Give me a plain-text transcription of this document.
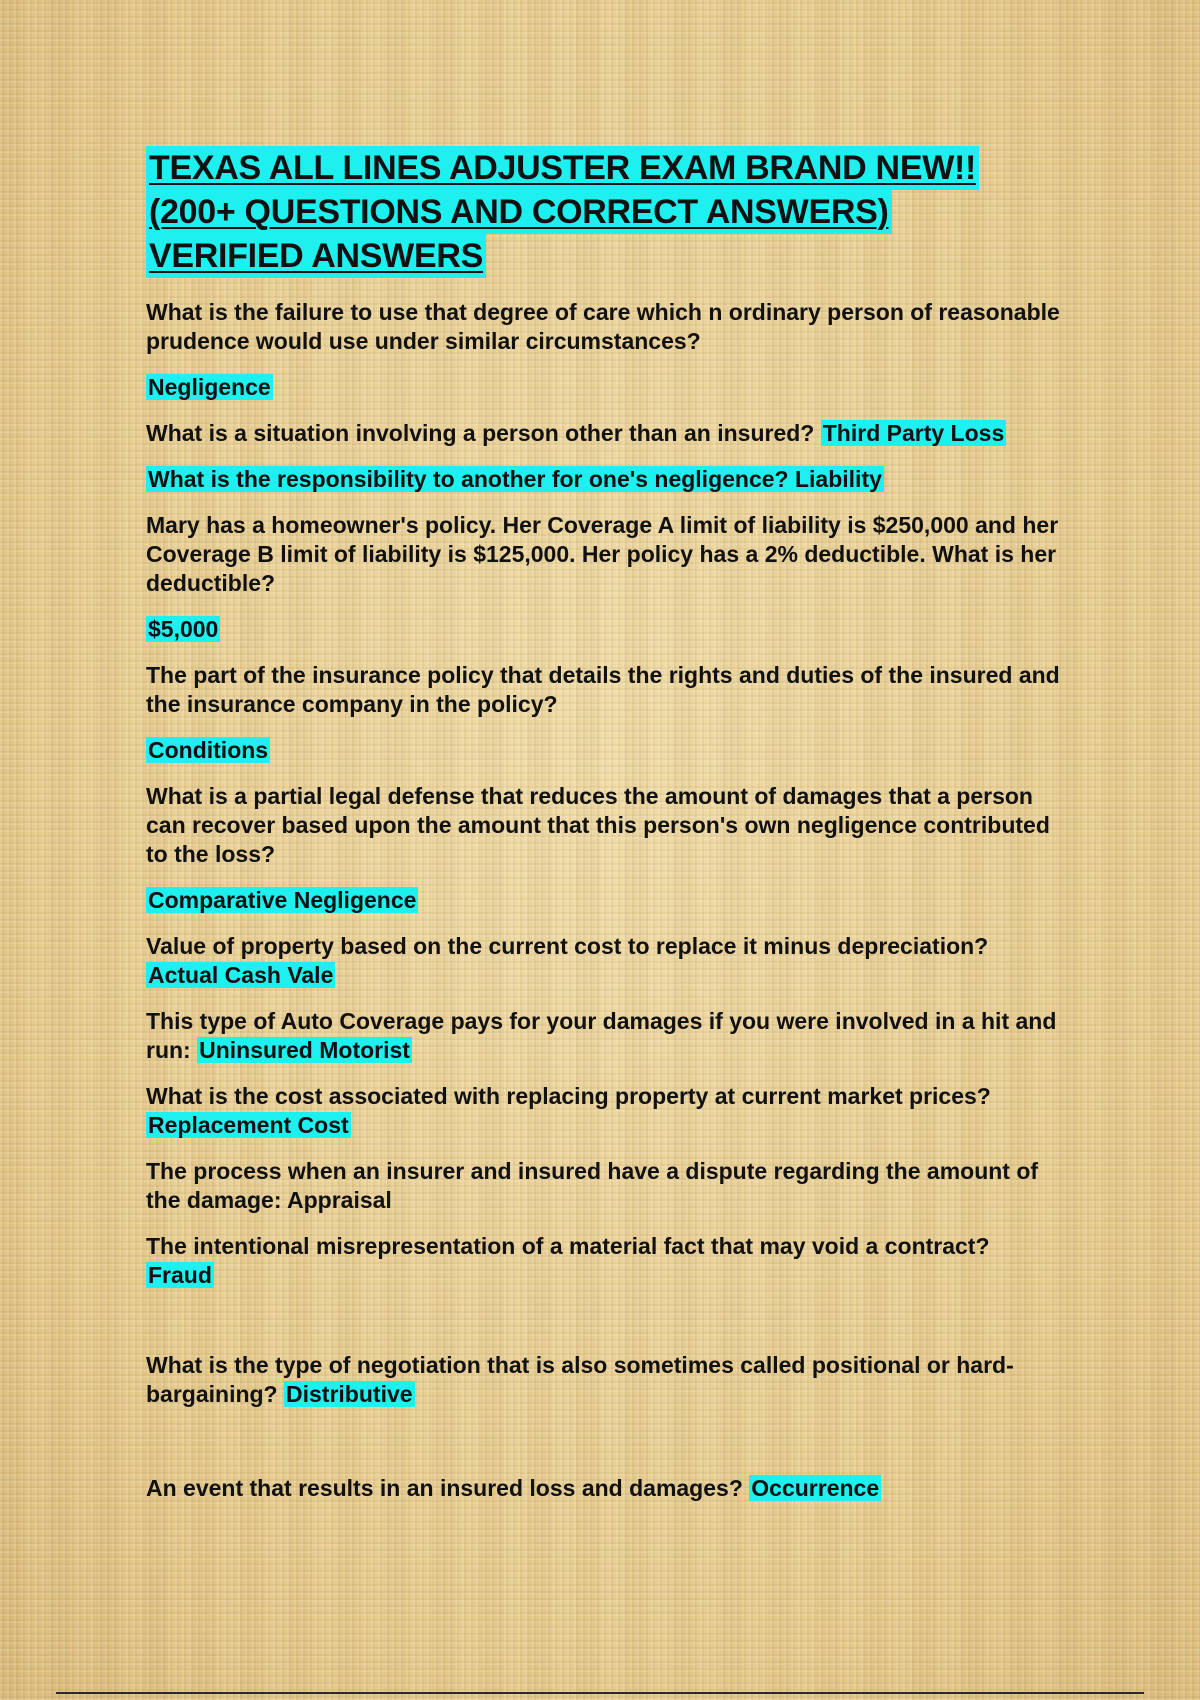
TEXAS ALL LINES ADJUSTER EXAM BRAND NEW!!
(200+ QUESTIONS AND CORRECT ANSWERS)
VERIFIED ANSWERS

What is the failure to use that degree of care which n ordinary person of reasonable prudence would use under similar circumstances?

Negligence

What is a situation involving a person other than an insured? Third Party Loss

What is the responsibility to another for one's negligence? Liability

Mary has a homeowner's policy. Her Coverage A limit of liability is $250,000 and her Coverage B limit of liability is $125,000. Her policy has a 2% deductible. What is her deductible?

$5,000

The part of the insurance policy that details the rights and duties of the insured and the insurance company in the policy?

Conditions

What is a partial legal defense that reduces the amount of damages that a person can recover based upon the amount that this person's own negligence contributed to the loss?

Comparative Negligence

Value of property based on the current cost to replace it minus depreciation?
Actual Cash Vale

This type of Auto Coverage pays for your damages if you were involved in a hit and run: Uninsured Motorist

What is the cost associated with replacing property at current market prices?
Replacement Cost

The process when an insurer and insured have a dispute regarding the amount of the damage: Appraisal

The intentional misrepresentation of a material fact that may void a contract?
Fraud

What is the type of negotiation that is also sometimes called positional or hard-bargaining? Distributive

An event that results in an insured loss and damages? Occurrence
